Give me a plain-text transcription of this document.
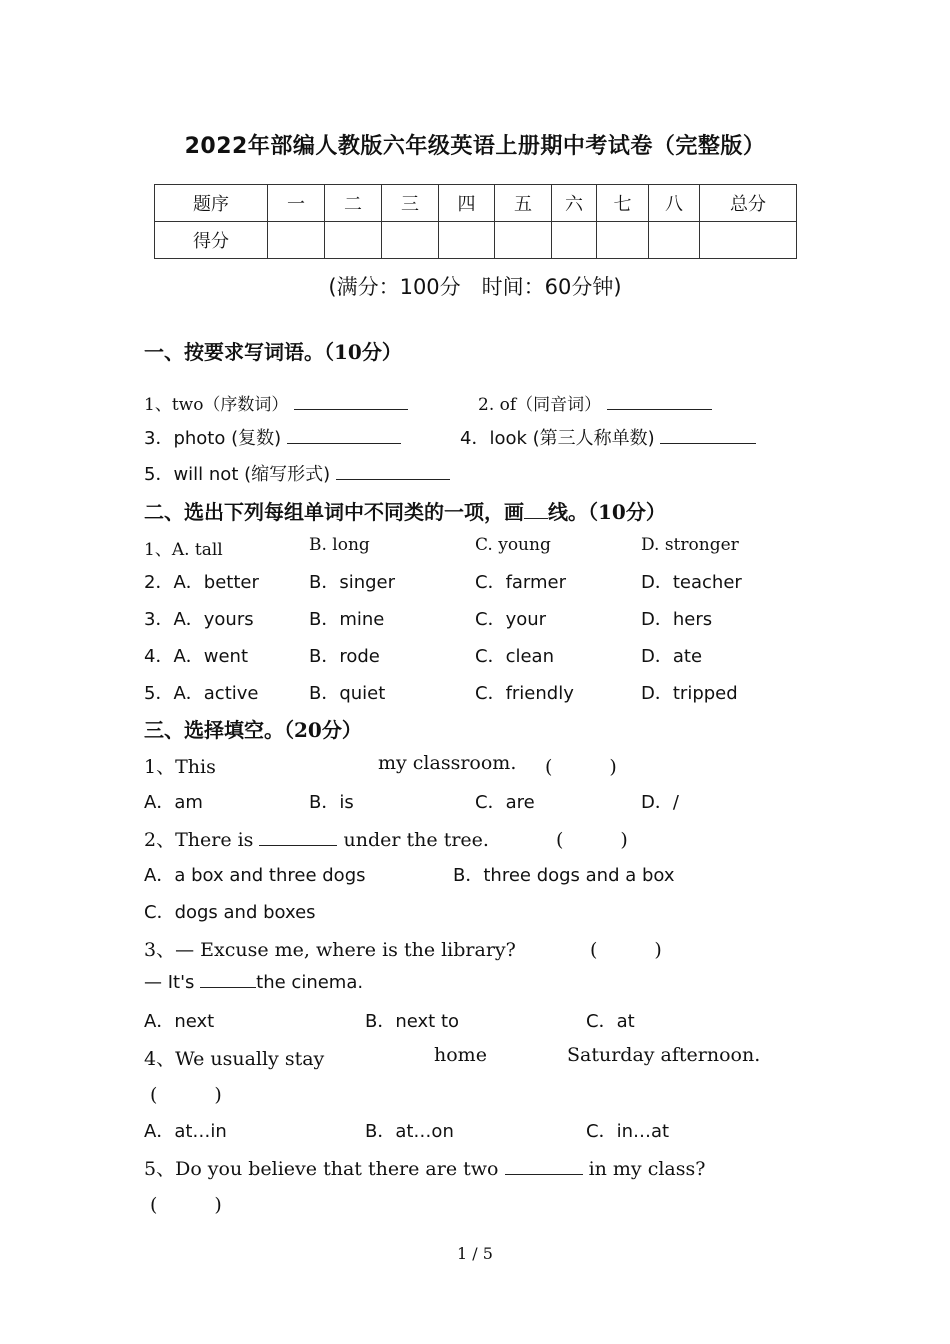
2022年部编人教版六年级英语上册期中考试卷（完整版）
题序	一	二	三	四	五	六	七	八	总分
得分									
(满分：100分　时间：60分钟)
一、按要求写词语。（10分）
1、two（序数词）	2. of（同音词）
3．photo (复数)	4．look (第三人称单数)
5．will not (缩写形式)
二、选出下列每组单词中不同类的一项，画 线。（10分）
1、A. tall	B. long	C. young	D. stronger
2．A．better	B．singer	C．farmer	D．teacher
3．A．yours	B．mine	C．your	D．hers
4．A．went	B．rode	C．clean	D．ate
5．A．active	B．quiet	C．friendly	D．tripped
三、选择填空。（20分）
1、This	my classroom. (　　　)
A．am	B．is	C．are	D．/
2、There is	under the tree.	(　　　)
A．a box and three dogs	B．three dogs and a box
C．dogs and boxes
3、— Excuse me, where is the library?	(　　　)
— It's	the cinema.
A．next	B．next to	C．at
4、We usually stay	home	Saturday afternoon.
(　　　)
A．at…in	B．at…on	C．in…at
5、Do you believe that there are two	in my class?
(　　　)
1 / 5
